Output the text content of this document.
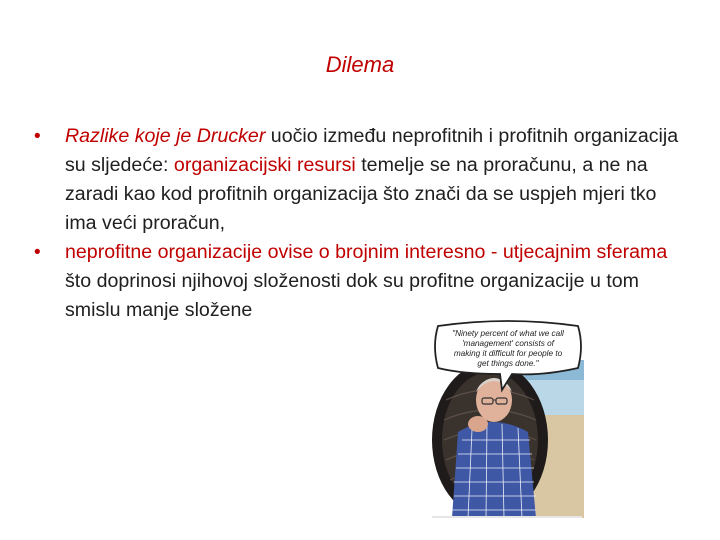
Dilema
• Razlike koje je Drucker uočio između neprofitnih i profitnih organizacija su sljedeće: organizacijski resursi temelje se na proračunu, a ne na zaradi kao kod profitnih organizacija što znači da se uspjeh mjeri tko ima veći proračun,
• neprofitne organizacije ovise o brojnim interesno - utjecajnim sferama što doprinosi njihovoj složenosti dok su profitne organizacije u tom smislu manje složene
"Ninety percent of what we call
'management' consists of
making it difficult for people to
get things done."
